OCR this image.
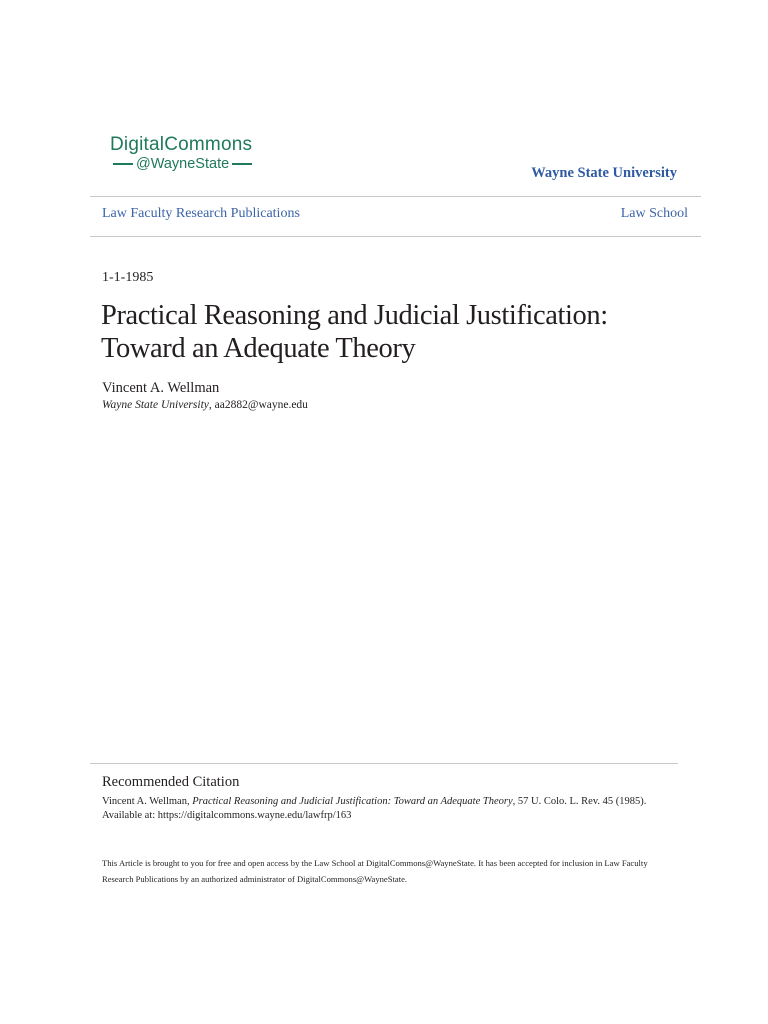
DigitalCommons
@WayneState
Wayne State University
Law Faculty Research Publications	Law School
1-1-1985
Practical Reasoning and Judicial Justification: Toward an Adequate Theory
Vincent A. Wellman
Wayne State University, aa2882@wayne.edu
Recommended Citation
Vincent A. Wellman, Practical Reasoning and Judicial Justification: Toward an Adequate Theory, 57 U. Colo. L. Rev. 45 (1985).
Available at: https://digitalcommons.wayne.edu/lawfrp/163
This Article is brought to you for free and open access by the Law School at DigitalCommons@WayneState. It has been accepted for inclusion in Law Faculty Research Publications by an authorized administrator of DigitalCommons@WayneState.
